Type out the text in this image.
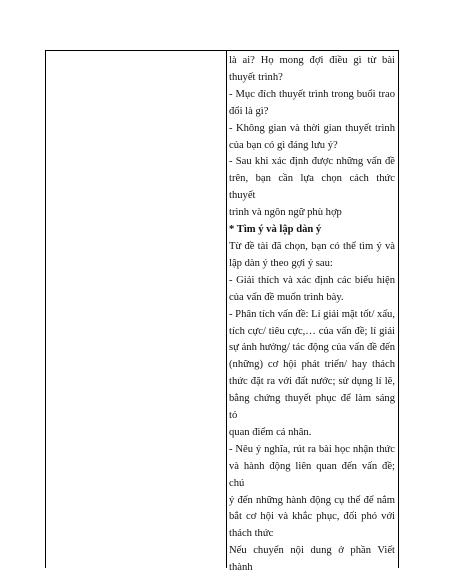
là ai? Họ mong đợi điều gì từ bài
thuyết trình?
- Mục đích thuyết trình trong buổi trao
đổi là gì?
- Không gian và thời gian thuyết trình
của bạn có gì đáng lưu ý?
- Sau khi xác định được những vấn đề
trên, bạn cần lựa chọn cách thức thuyết
trình và ngôn ngữ phù hợp
* Tìm ý và lập dàn ý
Từ đề tài đã chọn, bạn có thể tìm ý và
lập dàn ý theo gợi ý sau:
- Giải thích và xác định các biểu hiện
của vấn đề muốn trình bày.
- Phân tích vấn đề: Lí giải mặt tốt/ xấu,
tích cực/ tiêu cực,… của vấn đề; lí giải
sự ảnh hưởng/ tác động của vấn đề đến
(những) cơ hội phát triển/ hay thách
thức đặt ra với đất nước; sử dụng lí lẽ,
bằng chứng thuyết phục để làm sáng tỏ
quan điểm cá nhân.
- Nêu ý nghĩa, rút ra bài học nhận thức
và hành động liên quan đến vấn đề; chú
ý đến những hành động cụ thể để nắm
bắt cơ hội và khắc phục, đối phó với
thách thức
Nếu chuyển nội dung ở phần Viết thành
